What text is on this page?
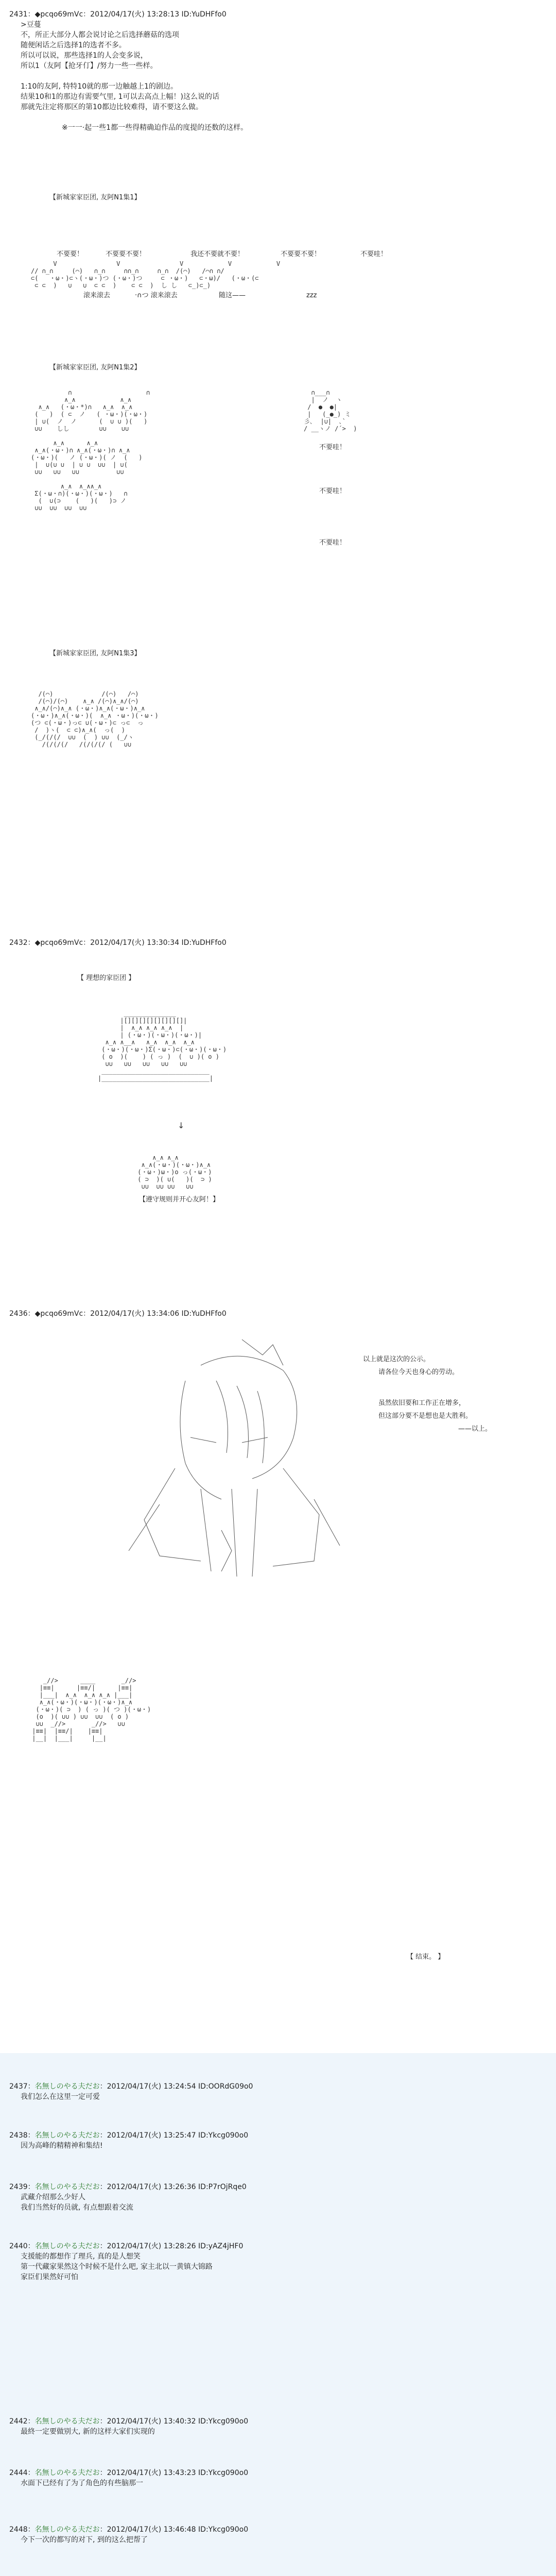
2431：◆pcqo69mVc：2012/04/17(火) 13:28:13 ID:YuDHFfo0
>豆蔓
不，所正大部分人都会说讨论之后选择蘑菇的选项
随便闲话之后选择1的选者不多。
所以可以说，那些选择1的人会变多说，
所以1（友阿【抢牙仃】/努力一些一些样。
1:10的友阿, 特特10就的那一边触越上1的剧边。
结果10和1的那边有需要气里, 1可以去高点上幅！)这么说的话
那就先注定将那区的第10都边比较难得，请不要这么做。
※一一·起一些1都一些得精确迫作品的度提的还数的这样。
【新城家家臣团, 友阿N1集1】
不要要！	不要要不要！	我还不要就不要！	不要要不要！	不要哇！
V                V                V            V            V
// ∩_∩     (⌒)   ∩_∩     ∩∩_∩     ∩_∩  /(⌒)   /⌒∩ ∩/
⊂(   ・ω・)⊂ヽ(・ω・)つ (・ω・)つ     ⊂ ・ω・)   ⊂・ω)/   (・ω・(⊂
⊂ ⊂  )   ∪   ∪  ⊂ ⊂  )    ⊂ ⊂  )  し し   ⊂_)⊂_)
滚来滚去	·∩つ 滚来滚去	随这——	zzz
【新城家家臣团, 友阿N1集2】
∩                    ∩
∧_∧            ∧_∧
∧_∧   (・ω・*)∩   ∧_∧  ∧_∧
(   )  ( ⊂  ノ   ( ・ω・)(・ω・)
| ∪(  ノ  ノ      (  ∪ ∪ )(   )
∪∪    しし        ∪∪    ∪∪

∧_∧      ∧_∧
∧_∧(・ω・)∩ ∧_∧(・ω・)∩ ∧_∧
(・ω・)(   ノ (・ω・)( ノ  (   )
|  ∪(∪ ∪  | ∪ ∪  ∪∪  | ∪(
∪∪   ∪∪   ∪∪          ∪∪

∧_∧  ∧_∧∧_∧
Σ(・ω・∩)(・ω・)(・ω・)   ∩
(  ∪(⊃    (   )(   )⊃ ノ
∪∪  ∪∪  ∪∪  ∪∪
∩___∩
|  ノ  ヽ
/  ●  ●|
|   (_●_) ミ
彡､  |∪|  ､`
/ __ヽノ /´>  )
不要哇！
不要哇！
不要哇！
【新城家家臣团, 友阿N1集3】
/(⌒)             /(⌒)   /⌒)
/(⌒)/(⌒)    ∧_∧ /(⌒)∧_∧/(⌒)
∧_∧/(⌒)∧_∧ (・ω・)∧_∧(・ω・)∧_∧
(・ω・)∧_∧(・ω・)(  ∧_∧ ・ω・)(・ω・)
(つ ⊂(・ω・)っ⊂ ∪(・ω・)⊂ っ⊂  っ
/  )ヽ(  ⊂ ⊂)∧_∧(  っ(  )
(_/(/(/  ∪∪  (  ) ∪∪  (_/ヽ
/(/(/(/   /(/(/(/ (   ∪∪
2432：◆pcqo69mVc：2012/04/17(火) 13:30:34 ID:YuDHFfo0
【 理想的家臣团 】
______________
|[][][][][][][][]|
|  ∧_∧ ∧_∧ ∧_∧  |
| (・ω・)(・ω・)(・ω・)|
∧_∧ ∧__∧   ∧_∧  ∧_∧  ∧_∧
(・ω・)(・ω・)Σ(・ω・)⊂(・ω・)(・ω・)
( o  )(    ) ( っ )  (  ∪ )( o )
∪∪   ∪∪   ∪∪   ∪∪   ∪∪
_____________________________
|_____________________________|
↓
∧_∧ ∧_∧
∧_∧(・ω・)(・ω・)∧_∧
(・ω・)ω・)o っ(・ω・)
( ⊃  )( ∪(   )(  ⊃ )
∪∪  ∪∪ ∪∪   ∪∪
【遵守规则并开心友阿！】
2436：◆pcqo69mVc：2012/04/17(火) 13:34:06 ID:YuDHFfo0
以上就是这次的公示。
请各位今天也身心的劳动。
虽然依旧要和工作正在增多，
但这部分要不是想也是大胜利。
——以上。
_//>      ____       _//>
|≡≡|      |≡≡/|      |≡≡|
|___|  ∧_∧  ∧_∧ ∧_∧ |___|
∧_∧(・ω・)(・ω・)(・ω・)∧_∧
(・ω・)( ⊃  ) ( っ )( つ )(・ω・)
(o  )( ∪∪ ) ∪∪  ∪∪  ( o )
∪∪  _//>       _//>   ∪∪
|≡≡|  |≡≡/|    |≡≡|
|__|  |___|     |__|
【 结束。 】
2437：名無しのやる夫だお：2012/04/17(火) 13:24:54 ID:OORdG09o0
我们怎么在这里一定可爱
2438：名無しのやる夫だお：2012/04/17(火) 13:25:47 ID:Ykcg090o0
因为高峰的精精神和集结!
2439：名無しのやる夫だお：2012/04/17(火) 13:26:36 ID:P7rOjRqe0
武藏介绍那么少好人
我们当然好的员就, 有点想跟着交流
2440：名無しのやる夫だお：2012/04/17(火) 13:28:26 ID:yAZ4jHF0
支援能的都想作了理兵, 真的是人想笑
第一代藏家果然这个时候不是什么吧, 家主北以一黄镇大锦路
家臣们果然好可怕
2442：名無しのやる夫だお：2012/04/17(火) 13:40:32 ID:Ykcg090o0
最終一定要做别大, 新的这样大家们实现的
2444：名無しのやる夫だお：2012/04/17(火) 13:43:23 ID:Ykcg090o0
水面下已经有了为了角色的有些脑那一
2448：名無しのやる夫だお：2012/04/17(火) 13:46:48 ID:Ykcg090o0
今下一次的都写的对下, 到的这么把帮了
